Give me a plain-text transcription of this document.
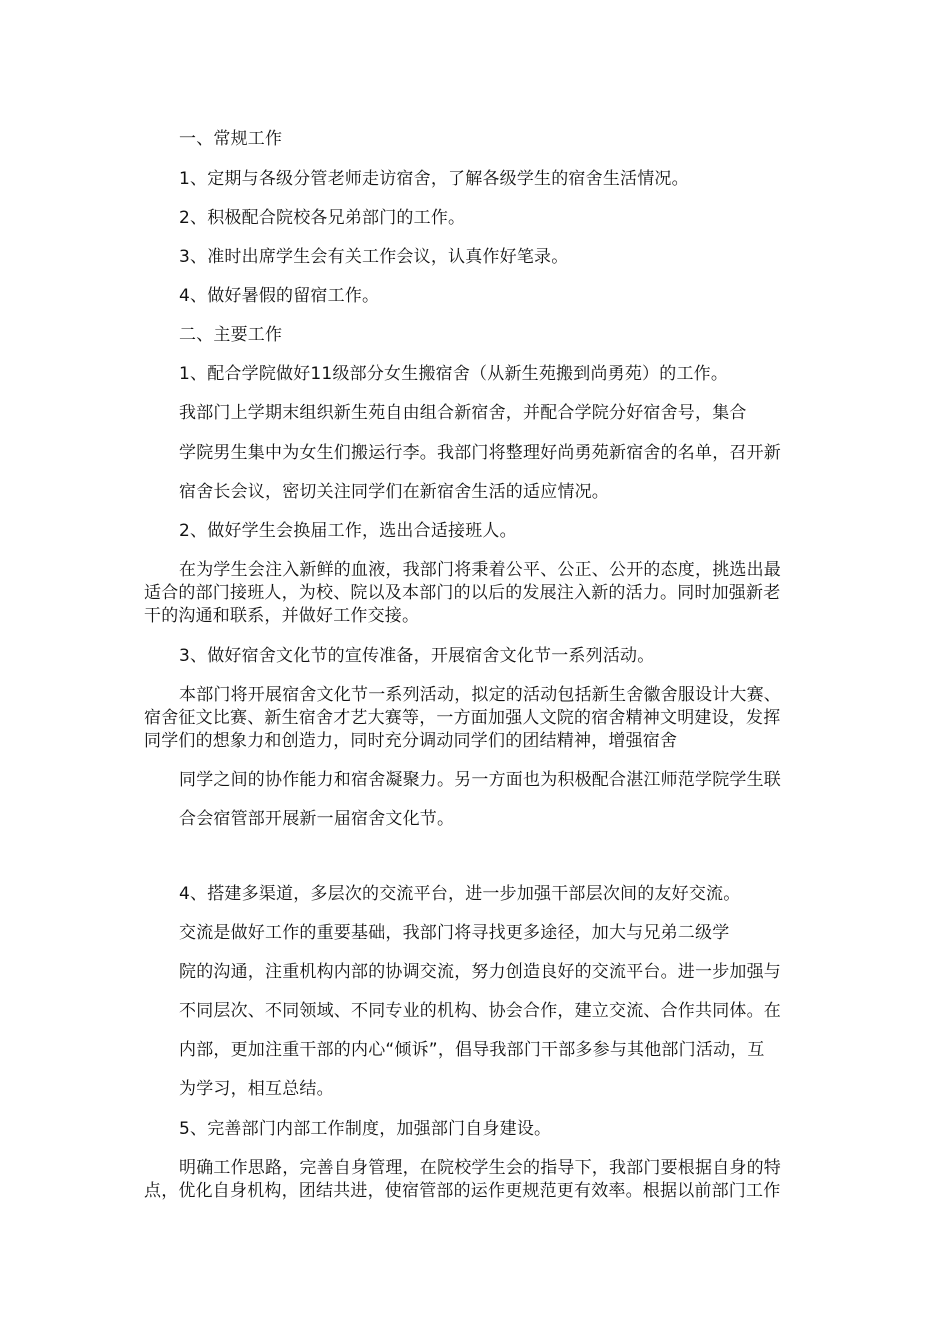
一、常规工作
1、定期与各级分管老师走访宿舍，了解各级学生的宿舍生活情况。
2、积极配合院校各兄弟部门的工作。
3、准时出席学生会有关工作会议，认真作好笔录。
4、做好暑假的留宿工作。
二、主要工作
1、配合学院做好11级部分女生搬宿舍（从新生苑搬到尚勇苑）的工作。
我部门上学期末组织新生苑自由组合新宿舍，并配合学院分好宿舍号，集合
学院男生集中为女生们搬运行李。我部门将整理好尚勇苑新宿舍的名单，召开新
宿舍长会议，密切关注同学们在新宿舍生活的适应情况。
2、做好学生会换届工作，选出合适接班人。
在为学生会注入新鲜的血液，我部门将秉着公平、公正、公开的态度，挑选出最
适合的部门接班人，为校、院以及本部门的以后的发展注入新的活力。同时加强新老
干的沟通和联系，并做好工作交接。
3、做好宿舍文化节的宣传准备，开展宿舍文化节一系列活动。
本部门将开展宿舍文化节一系列活动，拟定的活动包括新生舍徽舍服设计大赛、
宿舍征文比赛、新生宿舍才艺大赛等，一方面加强人文院的宿舍精神文明建设，发挥
同学们的想象力和创造力，同时充分调动同学们的团结精神，增强宿舍
同学之间的协作能力和宿舍凝聚力。另一方面也为积极配合湛江师范学院学生联
合会宿管部开展新一届宿舍文化节。
4、搭建多渠道，多层次的交流平台，进一步加强干部层次间的友好交流。
交流是做好工作的重要基础，我部门将寻找更多途径，加大与兄弟二级学
院的沟通，注重机构内部的协调交流，努力创造良好的交流平台。进一步加强与
不同层次、不同领域、不同专业的机构、协会合作，建立交流、合作共同体。在
内部，更加注重干部的内心“倾诉”，倡导我部门干部多参与其他部门活动，互
为学习，相互总结。
5、完善部门内部工作制度，加强部门自身建设。
明确工作思路，完善自身管理，在院校学生会的指导下，我部门要根据自身的特
点，优化自身机构，团结共进，使宿管部的运作更规范更有效率。根据以前部门工作
